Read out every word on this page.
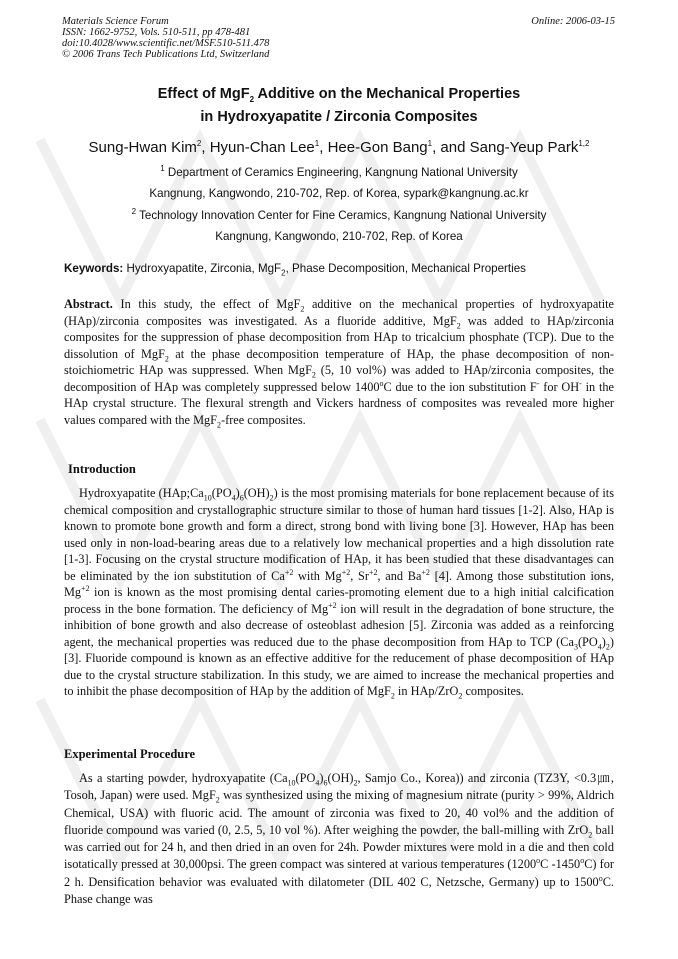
Materials Science Forum
ISSN: 1662-9752, Vols. 510-511, pp 478-481
doi:10.4028/www.scientific.net/MSF.510-511.478
© 2006 Trans Tech Publications Ltd, Switzerland
Online: 2006-03-15
Effect of MgF$_2$ Additive on the Mechanical Properties
in Hydroxyapatite / Zirconia Composites
Sung-Hwan Kim$^2$, Hyun-Chan Lee$^1$, Hee-Gon Bang$^1$, and Sang-Yeup Park$^{1,2}$
$^1$ Department of Ceramics Engineering, Kangnung National University
Kangnung, Kangwondo, 210-702, Rep. of Korea, sypark@kangnung.ac.kr
$^2$ Technology Innovation Center for Fine Ceramics, Kangnung National University
Kangnung, Kangwondo, 210-702, Rep. of Korea
Keywords: Hydroxyapatite, Zirconia, MgF$_2$, Phase Decomposition, Mechanical Properties
Abstract. In this study, the effect of MgF$_2$ additive on the mechanical properties of hydroxyapatite (HAp)/zirconia composites was investigated. As a fluoride additive, MgF$_2$ was added to HAp/zirconia composites for the suppression of phase decomposition from HAp to tricalcium phosphate (TCP). Due to the dissolution of MgF$_2$ at the phase decomposition temperature of HAp, the phase decomposition of non-stoichiometric HAp was suppressed. When MgF$_2$ (5, 10 vol%) was added to HAp/zirconia composites, the decomposition of HAp was completely suppressed below 1400$^o$C due to the ion substitution F- for OH- in the HAp crystal structure. The flexural strength and Vickers hardness of composites was revealed more higher values compared with the MgF$_2$-free composites.
Introduction
Hydroxyapatite $(HAp;Ca_{10}(PO_4)_6(OH)_2)$ is the most promising materials for bone replacement because of its chemical composition and crystallographic structure similar to those of human hard tissues [1-2]. Also, HAp is known to promote bone growth and form a direct, strong bond with living bone [3]. However, HAp has been used only in non-load-bearing areas due to a relatively low mechanical properties and a high dissolution rate [1-3]. Focusing on the crystal structure modification of HAp, it has been studied that these disadvantages can be eliminated by the ion substitution of $Ca^{+2}$ with $Mg^{+2}$, $Sr^{+2}$, and $Ba^{+2}$ [4]. Among those substitution ions, $Mg^{+2}$ ion is known as the most promising dental caries-promoting element due to a high initial calcification process in the bone formation. The deficiency of $Mg^{+2}$ ion will result in the degradation of bone structure, the inhibition of bone growth and also decrease of osteoblast adhesion [5]. Zirconia was added as a reinforcing agent, the mechanical properties was reduced due to the phase decomposition from HAp to TCP $(Ca_3(PO_4)_2)$ [3]. Fluoride compound is known as an effective additive for the reducement of phase decomposition of HAp due to the crystal structure stabilization. In this study, we are aimed to increase the mechanical properties and to inhibit the phase decomposition of HAp by the addition of MgF$_2$ in HAp/ZrO$_2$ composites.
Experimental Procedure
As a starting powder, hydroxyapatite ($Ca_{10}(PO_4)_6(OH)_2$, Samjo Co., Korea)) and zirconia (TZ3Y, <0.3㎛, Tosoh, Japan) were used. MgF$_2$ was synthesized using the mixing of magnesium nitrate (purity > 99%, Aldrich Chemical, USA) with fluoric acid. The amount of zirconia was fixed to 20, 40 vol% and the addition of fluoride compound was varied (0, 2.5, 5, 10 vol %). After weighing the powder, the ball-milling with ZrO$_2$ ball was carried out for 24 h, and then dried in an oven for 24h. Powder mixtures were mold in a die and then cold isotatically pressed at 30,000psi. The green compact was sintered at various temperatures (1200$^o$C -1450$^o$C) for 2 h. Densification behavior was evaluated with dilatometer (DIL 402 C, Netzsche, Germany) up to 1500$^o$C. Phase change was
